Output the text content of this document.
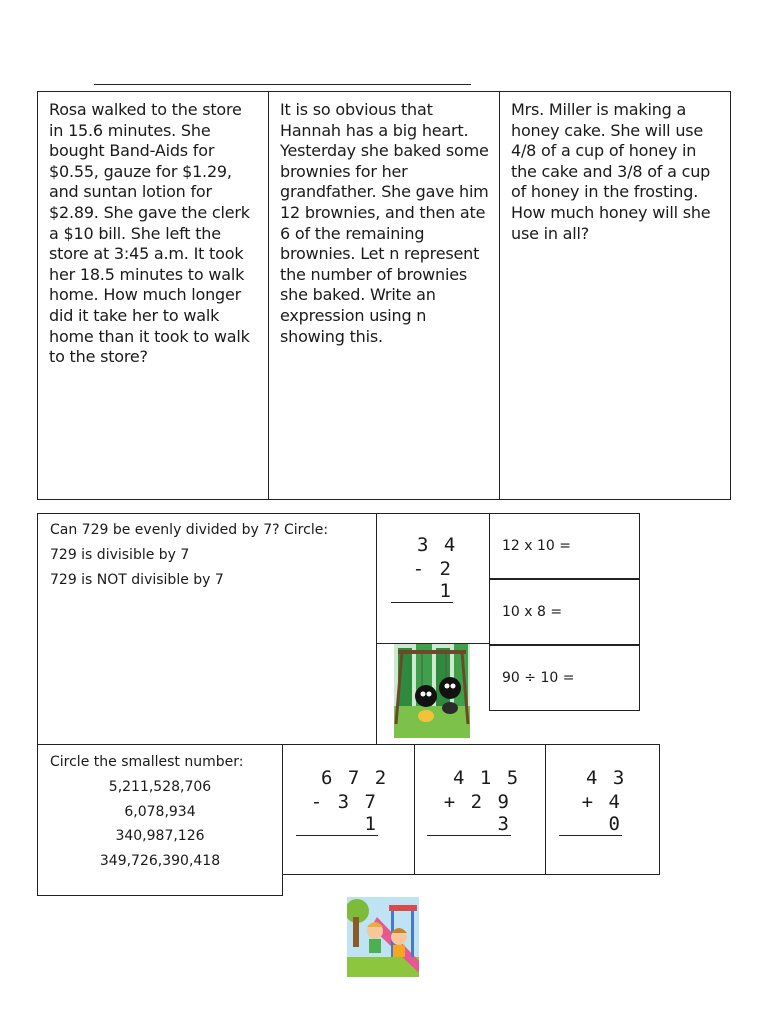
Rosa walked to the store in 15.6 minutes. She bought Band-Aids for $0.55, gauze for $1.29, and suntan lotion for $2.89. She gave the clerk a $10 bill. She left the store at 3:45 a.m. It took her 18.5 minutes to walk home. How much longer did it take her to walk home than it took to walk to the store?
It is so obvious that Hannah has a big heart. Yesterday she baked some brownies for her grandfather. She gave him 12 brownies, and then ate 6 of the remaining brownies. Let n represent the number of brownies she baked. Write an expression using n showing this.
Mrs. Miller is making a honey cake. She will use 4/8 of a cup of honey in the cake and 3/8 of a cup of honey in the frosting. How much honey will she use in all?
Can 729 be evenly divided by 7? Circle:
729 is divisible by 7
729 is NOT divisible by 7
3 4
- 2 1
12 x 10 =
10 x 8 =
90 ÷ 10 =
Circle the smallest number:
5,211,528,706
6,078,934
340,987,126
349,726,390,418
6 7 2
- 3 7 1
4 1 5
+ 2 9 3
4 3
+ 4 0
